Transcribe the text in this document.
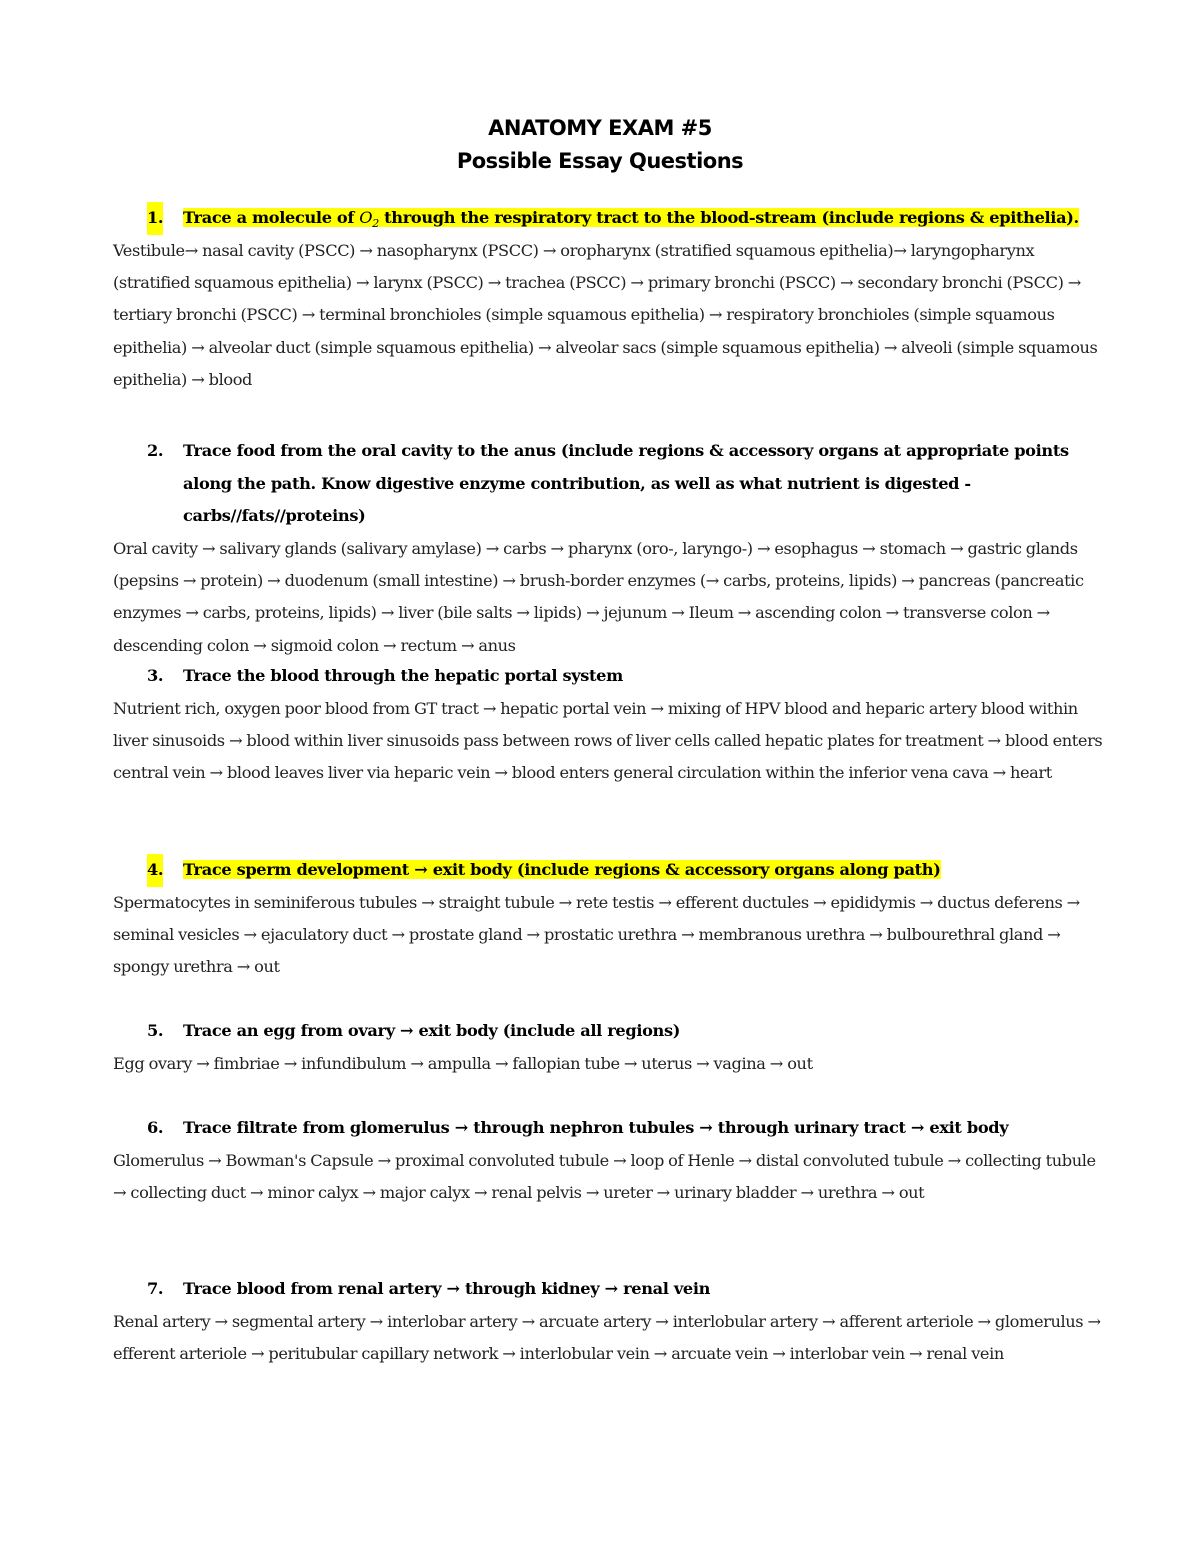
ANATOMY EXAM #5
Possible Essay Questions
1. Trace a molecule of $O_2$ through the respiratory tract to the blood-stream (include regions & epithelia).
Vestibule→ nasal cavity (PSCC) → nasopharynx (PSCC) → oropharynx (stratified squamous epithelia)→ laryngopharynx (stratified squamous epithelia) → larynx (PSCC) → trachea (PSCC) → primary bronchi (PSCC) → secondary bronchi (PSCC) → tertiary bronchi (PSCC) → terminal bronchioles (simple squamous epithelia) → respiratory bronchioles (simple squamous epithelia) → alveolar duct (simple squamous epithelia) → alveolar sacs (simple squamous epithelia) → alveoli (simple squamous epithelia) → blood
2. Trace food from the oral cavity to the anus (include regions & accessory organs at appropriate points along the path. Know digestive enzyme contribution, as well as what nutrient is digested - carbs//fats//proteins)
Oral cavity → salivary glands (salivary amylase) → carbs → pharynx (oro-, laryngo-) → esophagus → stomach → gastric glands (pepsins → protein) → duodenum (small intestine) → brush-border enzymes (→ carbs, proteins, lipids) → pancreas (pancreatic enzymes → carbs, proteins, lipids) → liver (bile salts → lipids) → jejunum → Ileum → ascending colon → transverse colon → descending colon → sigmoid colon → rectum → anus
3. Trace the blood through the hepatic portal system
Nutrient rich, oxygen poor blood from GT tract → hepatic portal vein → mixing of HPV blood and heparic artery blood within liver sinusoids → blood within liver sinusoids pass between rows of liver cells called hepatic plates for treatment → blood enters central vein → blood leaves liver via heparic vein → blood enters general circulation within the inferior vena cava → heart
4. Trace sperm development → exit body (include regions & accessory organs along path)
Spermatocytes in seminiferous tubules → straight tubule → rete testis → efferent ductules → epididymis → ductus deferens → seminal vesicles → ejaculatory duct → prostate gland → prostatic urethra → membranous urethra → bulbourethral gland → spongy urethra → out
5. Trace an egg from ovary → exit body (include all regions)
Egg ovary → fimbriae → infundibulum → ampulla → fallopian tube → uterus → vagina → out
6. Trace filtrate from glomerulus → through nephron tubules → through urinary tract → exit body
Glomerulus → Bowman's Capsule → proximal convoluted tubule → loop of Henle → distal convoluted tubule → collecting tubule → collecting duct → minor calyx → major calyx → renal pelvis → ureter → urinary bladder → urethra → out
7. Trace blood from renal artery → through kidney → renal vein
Renal artery → segmental artery → interlobar artery → arcuate artery → interlobular artery → afferent arteriole → glomerulus → efferent arteriole → peritubular capillary network → interlobular vein → arcuate vein → interlobar vein → renal vein
